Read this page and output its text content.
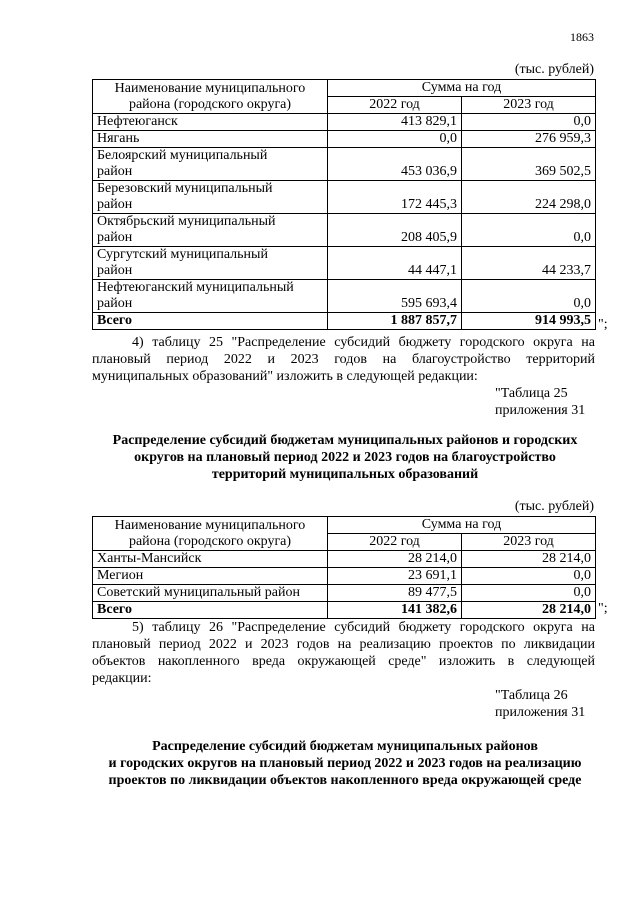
1863
(тыс. рублей)
Наименование муниципального
района (городского округа)	Сумма на год	
	2022 год	2023 год
Нефтеюганск	413 829,1	0,0
Нягань	0,0	276 959,3
Белоярский муниципальный
район	453 036,9	369 502,5
Березовский муниципальный
район	172 445,3	224 298,0
Октябрьский муниципальный
район	208 405,9	0,0
Сургутский муниципальный
район	44 447,1	44 233,7
Нефтеюганский муниципальный
район	595 693,4	0,0
Всего	1 887 857,7	914 993,5 ";
4) таблицу 25 "Распределение субсидий бюджету городского округа на
плановый период 2022 и 2023 годов на благоустройство территорий
муниципальных образований" изложить в следующей редакции:
"Таблица 25
приложения 31
Распределение субсидий бюджетам муниципальных районов и городских
округов на плановый период 2022 и 2023 годов на благоустройство
территорий муниципальных образований
(тыс. рублей)
Наименование муниципального
района (городского округа)	Сумма на год	
	2022 год	2023 год
Ханты-Мансийск	28 214,0	28 214,0
Мегион	23 691,1	0,0
Советский муниципальный район	89 477,5	0,0
Всего	141 382,6	28 214,0 ";
5) таблицу 26 "Распределение субсидий бюджету городского округа на
плановый период 2022 и 2023 годов на реализацию проектов по ликвидации
объектов накопленного вреда окружающей среде" изложить в следующей
редакции:
"Таблица 26
приложения 31
Распределение субсидий бюджетам муниципальных районов
и городских округов на плановый период 2022 и 2023 годов на реализацию
проектов по ликвидации объектов накопленного вреда окружающей среде
